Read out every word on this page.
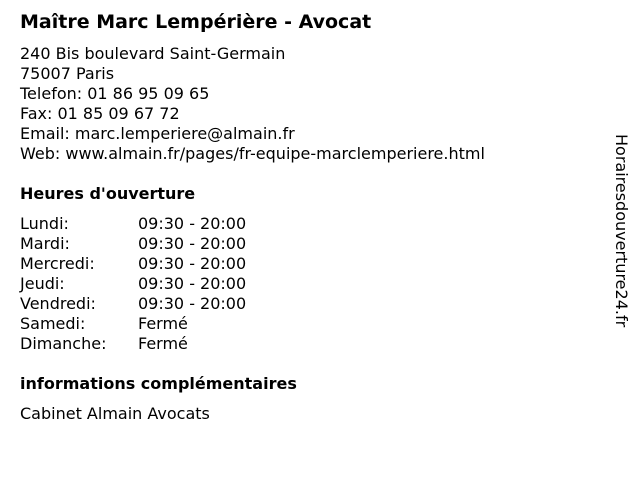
Maître Marc Lempérière - Avocat
240 Bis boulevard Saint-Germain
75007 Paris
Telefon: 01 86 95 09 65
Fax: 01 85 09 67 72
Email: marc.lemperiere@almain.fr
Web: www.almain.fr/pages/fr-equipe-marclemperiere.html
Heures d'ouverture
Lundi:	09:30 - 20:00
Mardi:	09:30 - 20:00
Mercredi:	09:30 - 20:00
Jeudi:	09:30 - 20:00
Vendredi:	09:30 - 20:00
Samedi:	Fermé
Dimanche: Fermé
informations complémentaires
Cabinet Almain Avocats
Horairesdouverture24.fr
